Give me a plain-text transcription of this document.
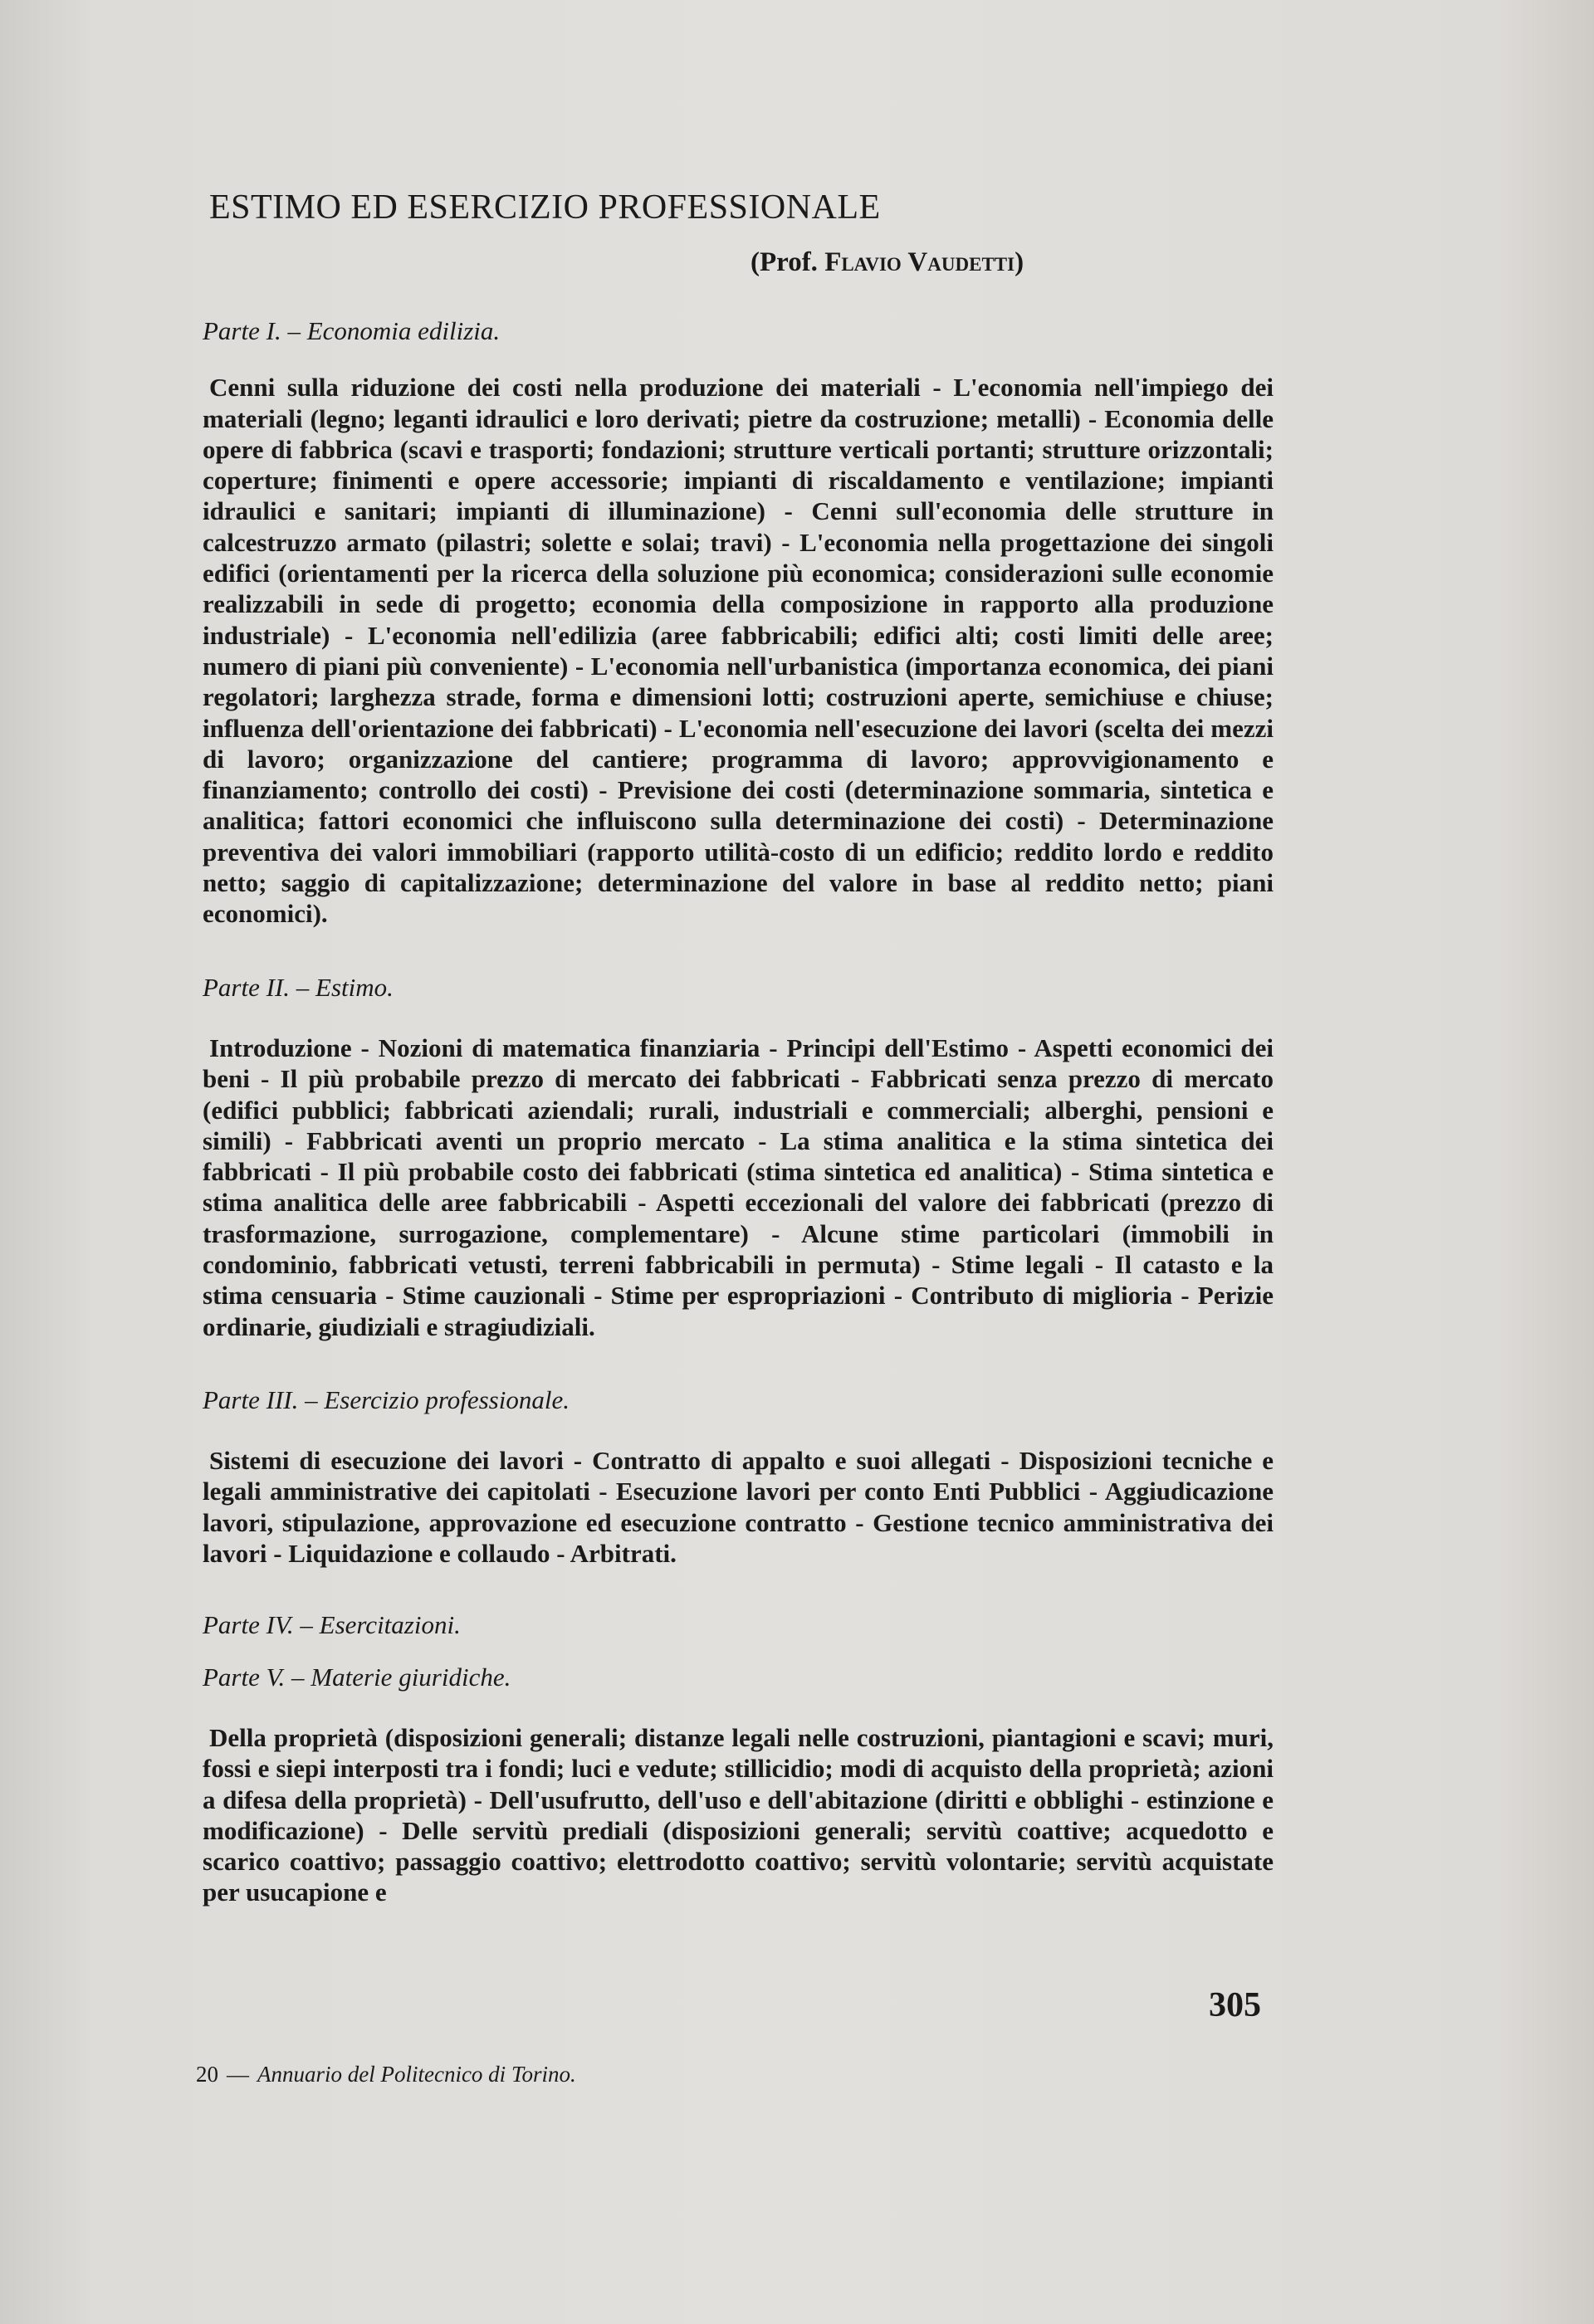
ESTIMO ED ESERCIZIO PROFESSIONALE

(Prof. Flavio Vaudetti)

Parte I. – Economia edilizia.

Cenni sulla riduzione dei costi nella produzione dei materiali - L'economia nell'impiego dei materiali (legno; leganti idraulici e loro derivati; pietre da costruzione; metalli) - Economia delle opere di fabbrica (scavi e trasporti; fondazioni; strutture verticali portanti; strutture orizzontali; coperture; finimenti e opere accessorie; impianti di riscaldamento e ventilazione; impianti idraulici e sanitari; impianti di illuminazione) - Cenni sull'economia delle strutture in calcestruzzo armato (pilastri; solette e solai; travi) - L'economia nella progettazione dei singoli edifici (orientamenti per la ricerca della soluzione più economica; considerazioni sulle economie realizzabili in sede di progetto; economia della composizione in rapporto alla produzione industriale) - L'economia nell'edilizia (aree fabbricabili; edifici alti; costi limiti delle aree; numero di piani più conveniente) - L'economia nell'urbanistica (importanza economica, dei piani regolatori; larghezza strade, forma e dimensioni lotti; costruzioni aperte, semichiuse e chiuse; influenza dell'orientazione dei fabbricati) - L'economia nell'esecuzione dei lavori (scelta dei mezzi di lavoro; organizzazione del cantiere; programma di lavoro; approvvigionamento e finanziamento; controllo dei costi) - Previsione dei costi (determinazione sommaria, sintetica e analitica; fattori economici che influiscono sulla determinazione dei costi) - Determinazione preventiva dei valori immobiliari (rapporto utilità-costo di un edificio; reddito lordo e reddito netto; saggio di capitalizzazione; determinazione del valore in base al reddito netto; piani economici).

Parte II. – Estimo.

Introduzione - Nozioni di matematica finanziaria - Principi dell'Estimo - Aspetti economici dei beni - Il più probabile prezzo di mercato dei fabbricati - Fabbricati senza prezzo di mercato (edifici pubblici; fabbricati aziendali; rurali, industriali e commerciali; alberghi, pensioni e simili) - Fabbricati aventi un proprio mercato - La stima analitica e la stima sintetica dei fabbricati - Il più probabile costo dei fabbricati (stima sintetica ed analitica) - Stima sintetica e stima analitica delle aree fabbricabili - Aspetti eccezionali del valore dei fabbricati (prezzo di trasformazione, surrogazione, complementare) - Alcune stime particolari (immobili in condominio, fabbricati vetusti, terreni fabbricabili in permuta) - Stime legali - Il catasto e la stima censuaria - Stime cauzionali - Stime per espropriazioni - Contributo di miglioria - Perizie ordinarie, giudiziali e stragiudiziali.

Parte III. – Esercizio professionale.

Sistemi di esecuzione dei lavori - Contratto di appalto e suoi allegati - Disposizioni tecniche e legali amministrative dei capitolati - Esecuzione lavori per conto Enti Pubblici - Aggiudicazione lavori, stipulazione, approvazione ed esecuzione contratto - Gestione tecnico amministrativa dei lavori - Liquidazione e collaudo - Arbitrati.

Parte IV. – Esercitazioni.

Parte V. – Materie giuridiche.

Della proprietà (disposizioni generali; distanze legali nelle costruzioni, piantagioni e scavi; muri, fossi e siepi interposti tra i fondi; luci e vedute; stillicidio; modi di acquisto della proprietà; azioni a difesa della proprietà) - Dell'usufrutto, dell'uso e dell'abitazione (diritti e obblighi - estinzione e modificazione) - Delle servitù prediali (disposizioni generali; servitù coattive; acquedotto e scarico coattivo; passaggio coattivo; elettrodotto coattivo; servitù volontarie; servitù acquistate per usucapione e

305
20 — Annuario del Politecnico di Torino.
